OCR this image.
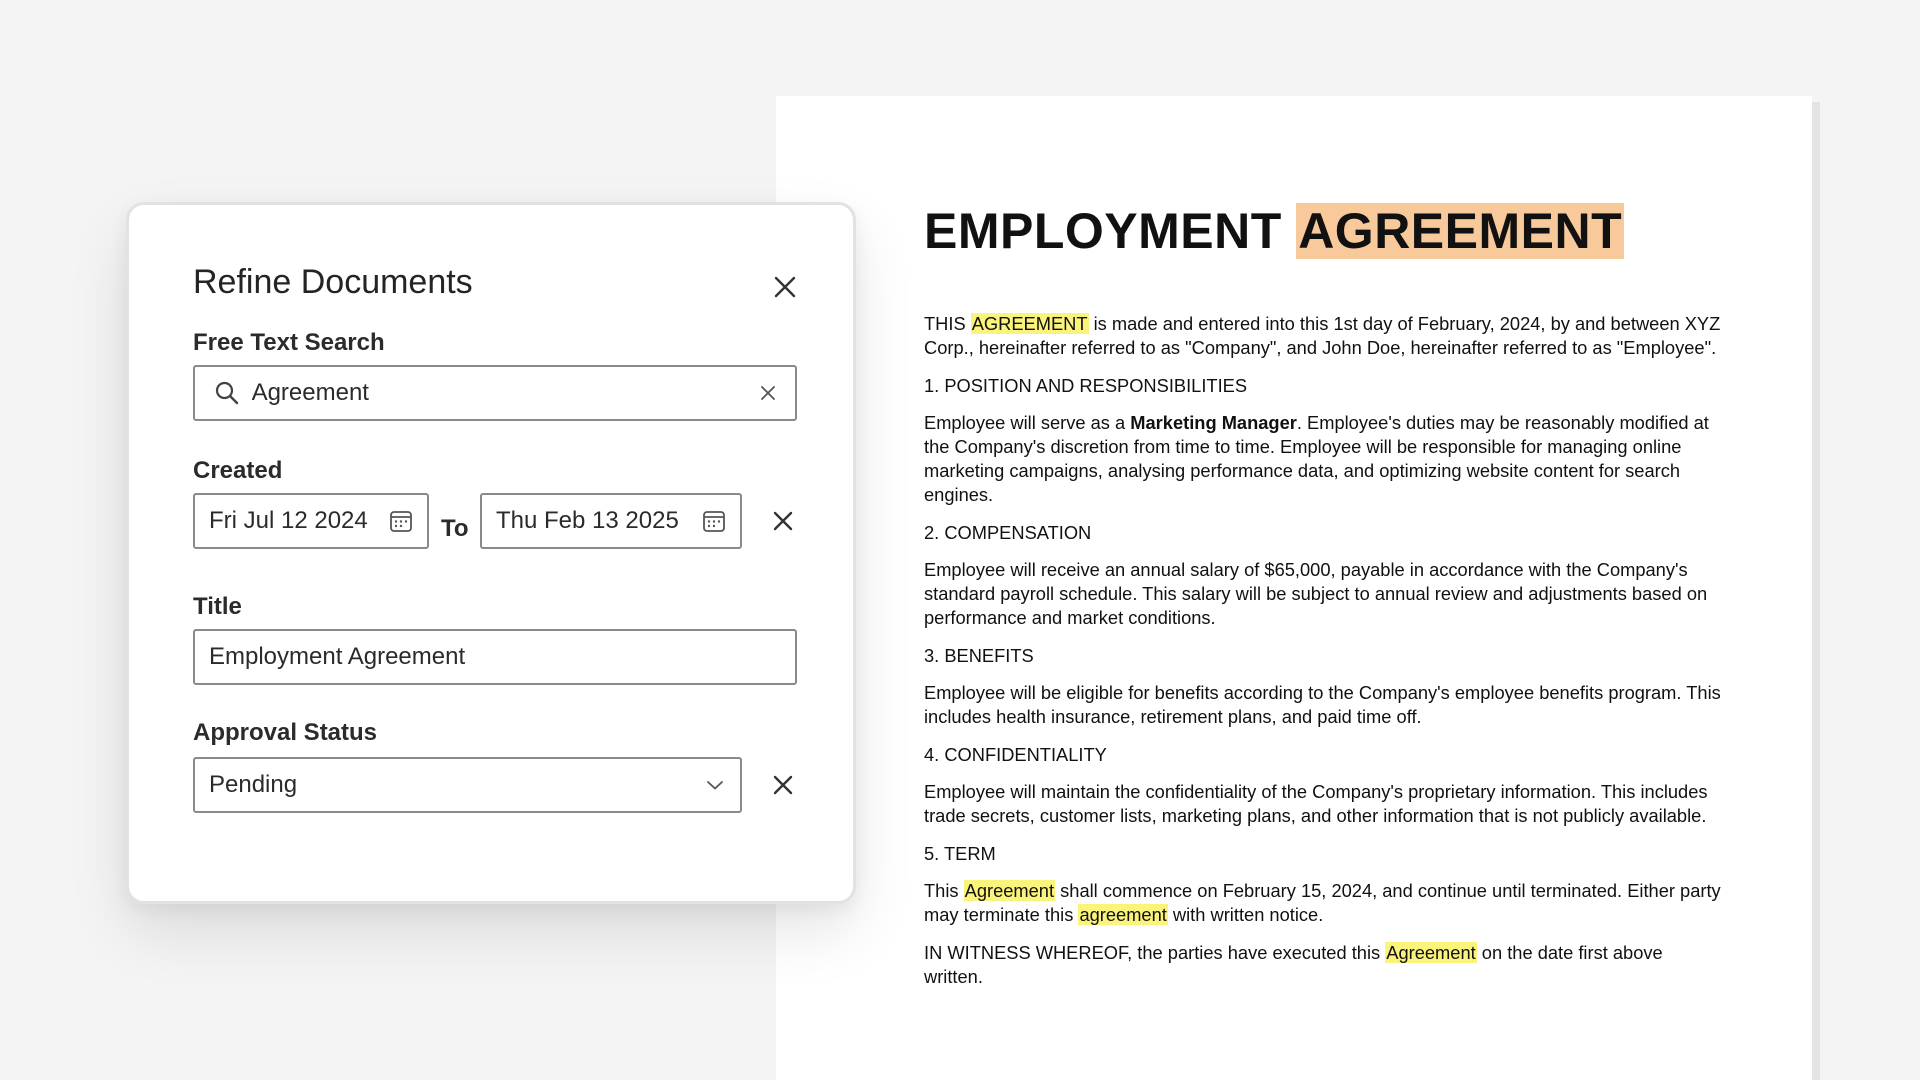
EMPLOYMENT AGREEMENT

THIS AGREEMENT is made and entered into this 1st day of February, 2024, by and between XYZ Corp., hereinafter referred to as "Company", and John Doe, hereinafter referred to as "Employee".

1. POSITION AND RESPONSIBILITIES

Employee will serve as a Marketing Manager. Employee's duties may be reasonably modified at the Company's discretion from time to time. Employee will be responsible for managing online marketing campaigns, analysing performance data, and optimizing website content for search engines.

2. COMPENSATION

Employee will receive an annual salary of $65,000, payable in accordance with the Company's standard payroll schedule. This salary will be subject to annual review and adjustments based on performance and market conditions.

3. BENEFITS

Employee will be eligible for benefits according to the Company's employee benefits program. This includes health insurance, retirement plans, and paid time off.

4. CONFIDENTIALITY

Employee will maintain the confidentiality of the Company's proprietary information. This includes trade secrets, customer lists, marketing plans, and other information that is not publicly available.

5. TERM

This Agreement shall commence on February 15, 2024, and continue until terminated. Either party may terminate this agreement with written notice.

IN WITNESS WHEREOF, the parties have executed this Agreement on the date first above written.

Refine Documents
Free Text Search
Agreement
Created
Fri Jul 12 2024
To
Thu Feb 13 2025
Title
Employment Agreement
Approval Status
Pending
